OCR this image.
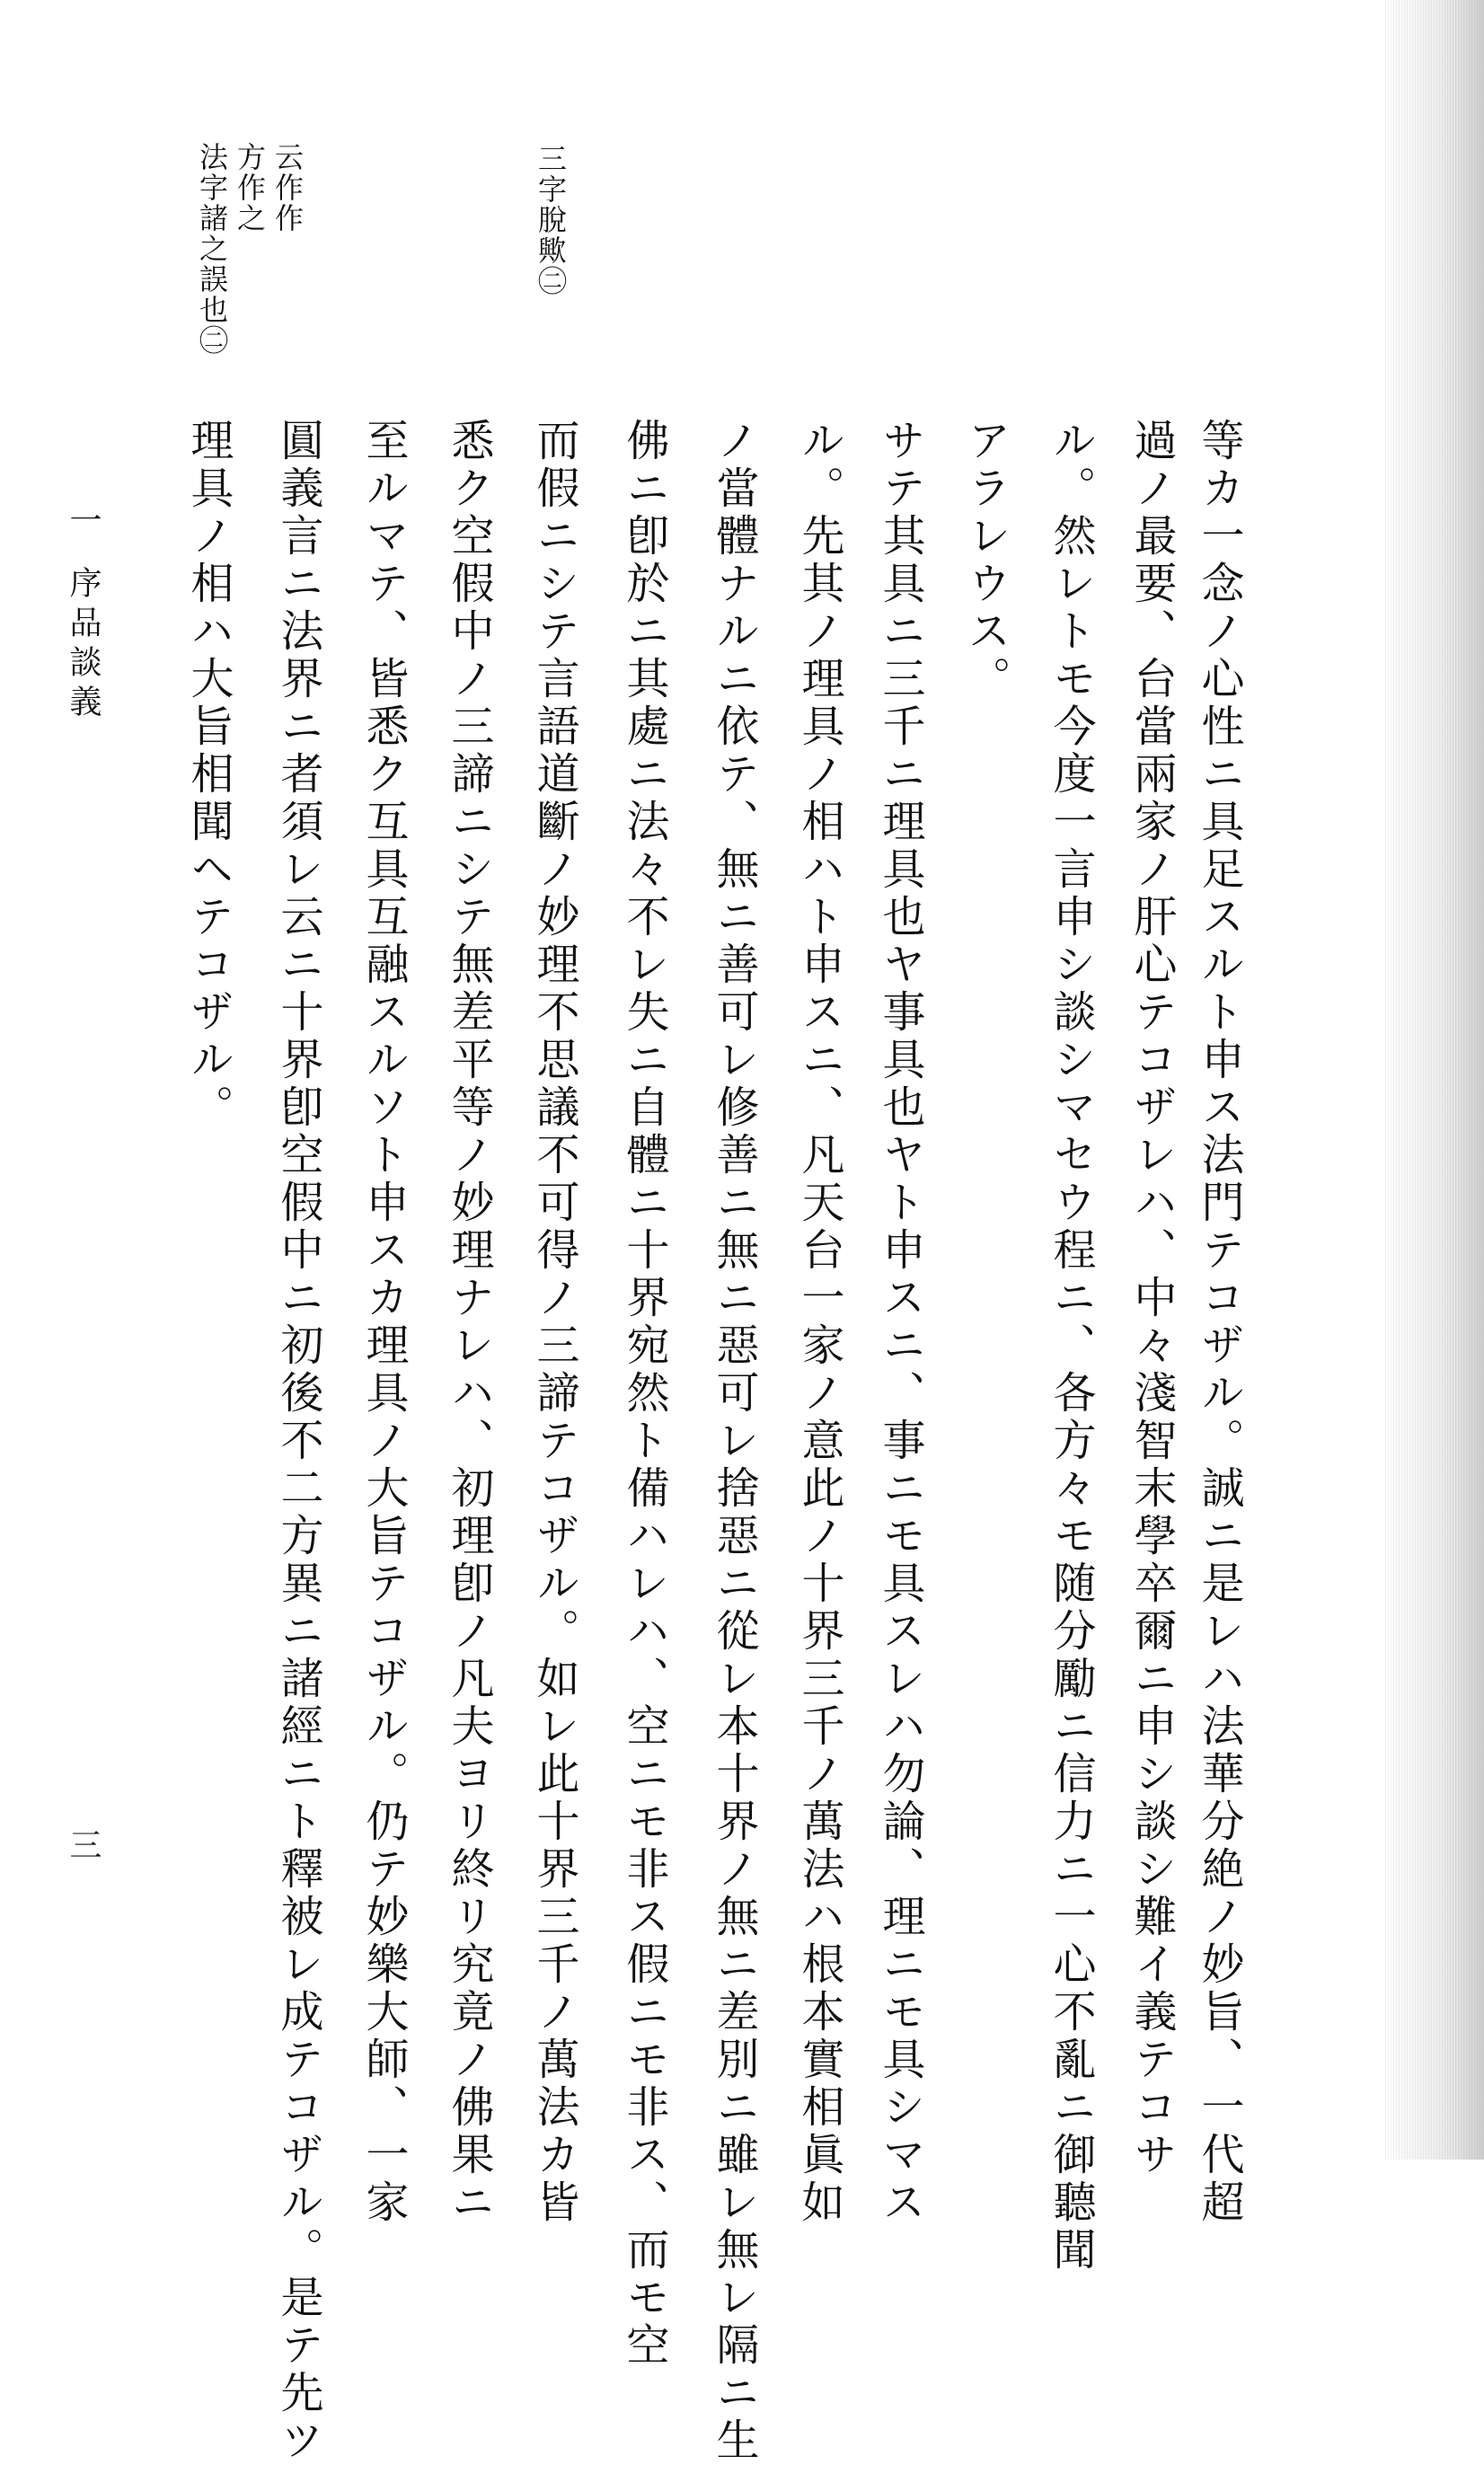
三字脫歟㊁
云作作
方作之
法字諸之誤也㊁
等カ一念ノ心性ニ具足スルト申ス法門テコザル。誠ニ是レハ法華分絶ノ妙旨、一代超
過ノ最要、台當兩家ノ肝心テコザレハ、中々淺智末學卒爾ニ申シ談シ難イ義テコサ
ル。然レトモ今度一言申シ談シマセウ程ニ、各方々モ随分勵ニ信力ニ一心不亂ニ御聽聞
アラレウス。
サテ其具ニ三千ニ理具也ヤ事具也ヤト申スニ、事ニモ具スレハ勿論、理ニモ具シマス
ル。先其ノ理具ノ相ハト申スニ、凡天台一家ノ意此ノ十界三千ノ萬法ハ根本實相眞如
ノ當體ナルニ依テ、無ニ善可レ修善ニ無ニ惡可レ捨惡ニ從レ本十界ノ無ニ差別ニ雖レ無レ隔ニ生
佛ニ卽於ニ其處ニ法々不レ失ニ自體ニ十界宛然ト備ハレハ、空ニモ非ス假ニモ非ス、而モ空
而假ニシテ言語道斷ノ妙理不思議不可得ノ三諦テコザル。如レ此十界三千ノ萬法カ皆
悉ク空假中ノ三諦ニシテ無差平等ノ妙理ナレハ、初理卽ノ凡夫ヨリ終リ究竟ノ佛果ニ
至ルマテ、皆悉ク互具互融スルソト申スカ理具ノ大旨テコザル。仍テ妙樂大師、一家
圓義言ニ法界ニ者須レ云ニ十界卽空假中ニ初後不二方異ニ諸經ニト釋被レ成テコザル。是テ先ツ
理具ノ相ハ大旨相聞ヘテコザル。
一
序品談義
三
